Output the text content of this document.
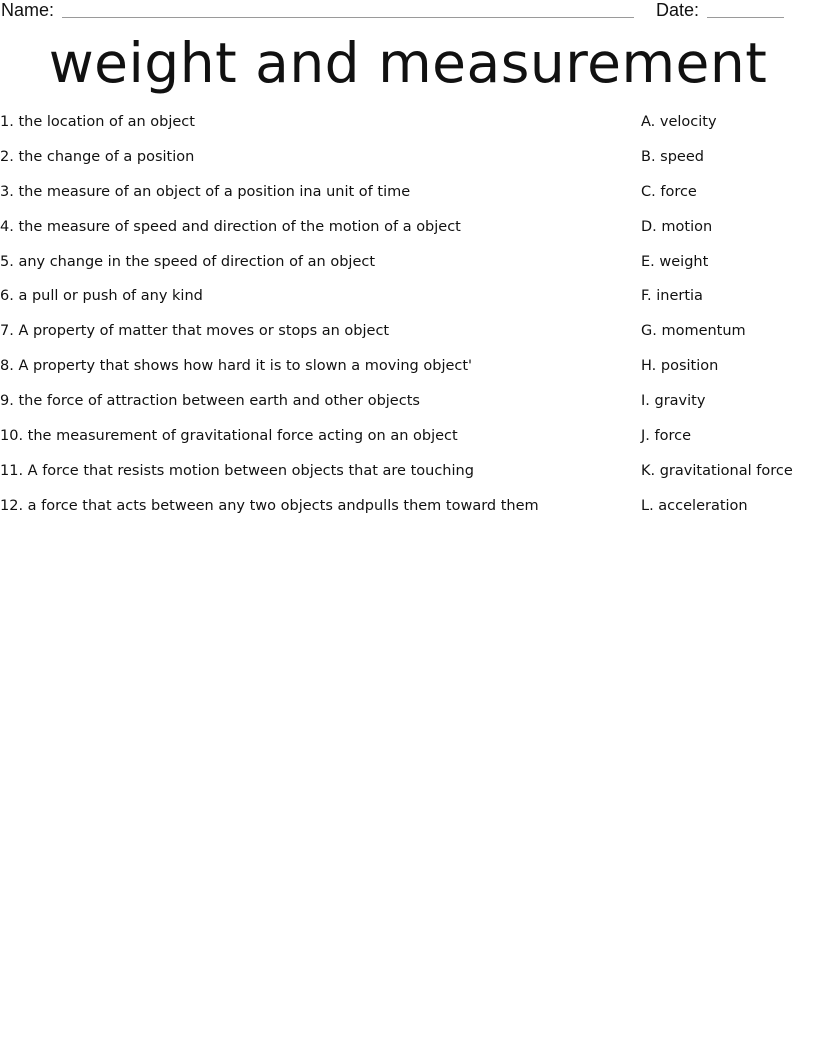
Name:	Date:
weight and measurement
1. the location of an object
2. the change of a position
3. the measure of an object of a position ina unit of time
4. the measure of speed and direction of the motion of a object
5. any change in the speed of direction of an object
6. a pull or push of any kind
7. A property of matter that moves or stops an object
8. A property that shows how hard it is to slown a moving object'
9. the force of attraction between earth and other objects
10. the measurement of gravitational force acting on an object
11. A force that resists motion between objects that are touching
12. a force that acts between any two objects andpulls them toward them
A. velocity
B. speed
C. force
D. motion
E. weight
F. inertia
G. momentum
H. position
I. gravity
J. force
K. gravitational force
L. acceleration
